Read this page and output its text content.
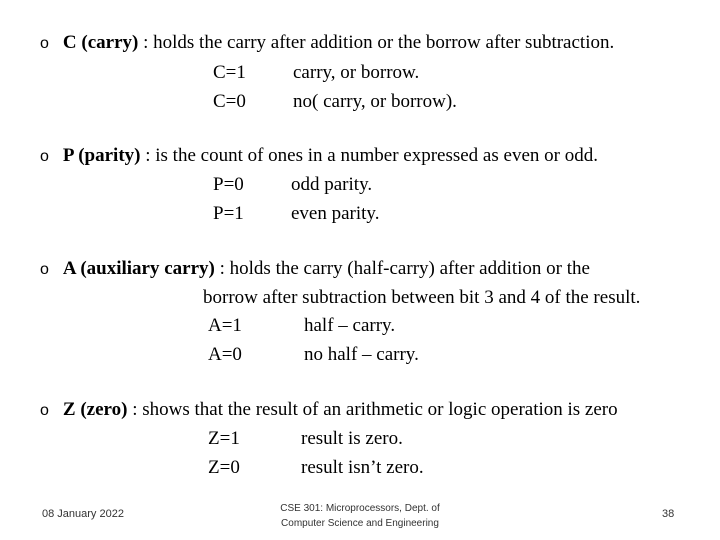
o C (carry) : holds the carry after addition or the borrow after subtraction.
C=1 carry, or borrow.
C=0 no( carry, or borrow).
o P (parity) : is the count of ones in a number expressed as even or odd.
P=0 odd parity.
P=1 even parity.
o A (auxiliary carry) : holds the carry (half-carry) after addition or the
borrow after subtraction between bit 3 and 4 of the result.
A=1	half – carry.
A=0	no half – carry.
o Z (zero) : shows that the result of an arithmetic or logic operation is zero
Z=1	result is zero.
Z=0	result isn’t zero.
08 January 2022	CSE 301: Microprocessors, Dept. of
Computer Science and Engineering
38
